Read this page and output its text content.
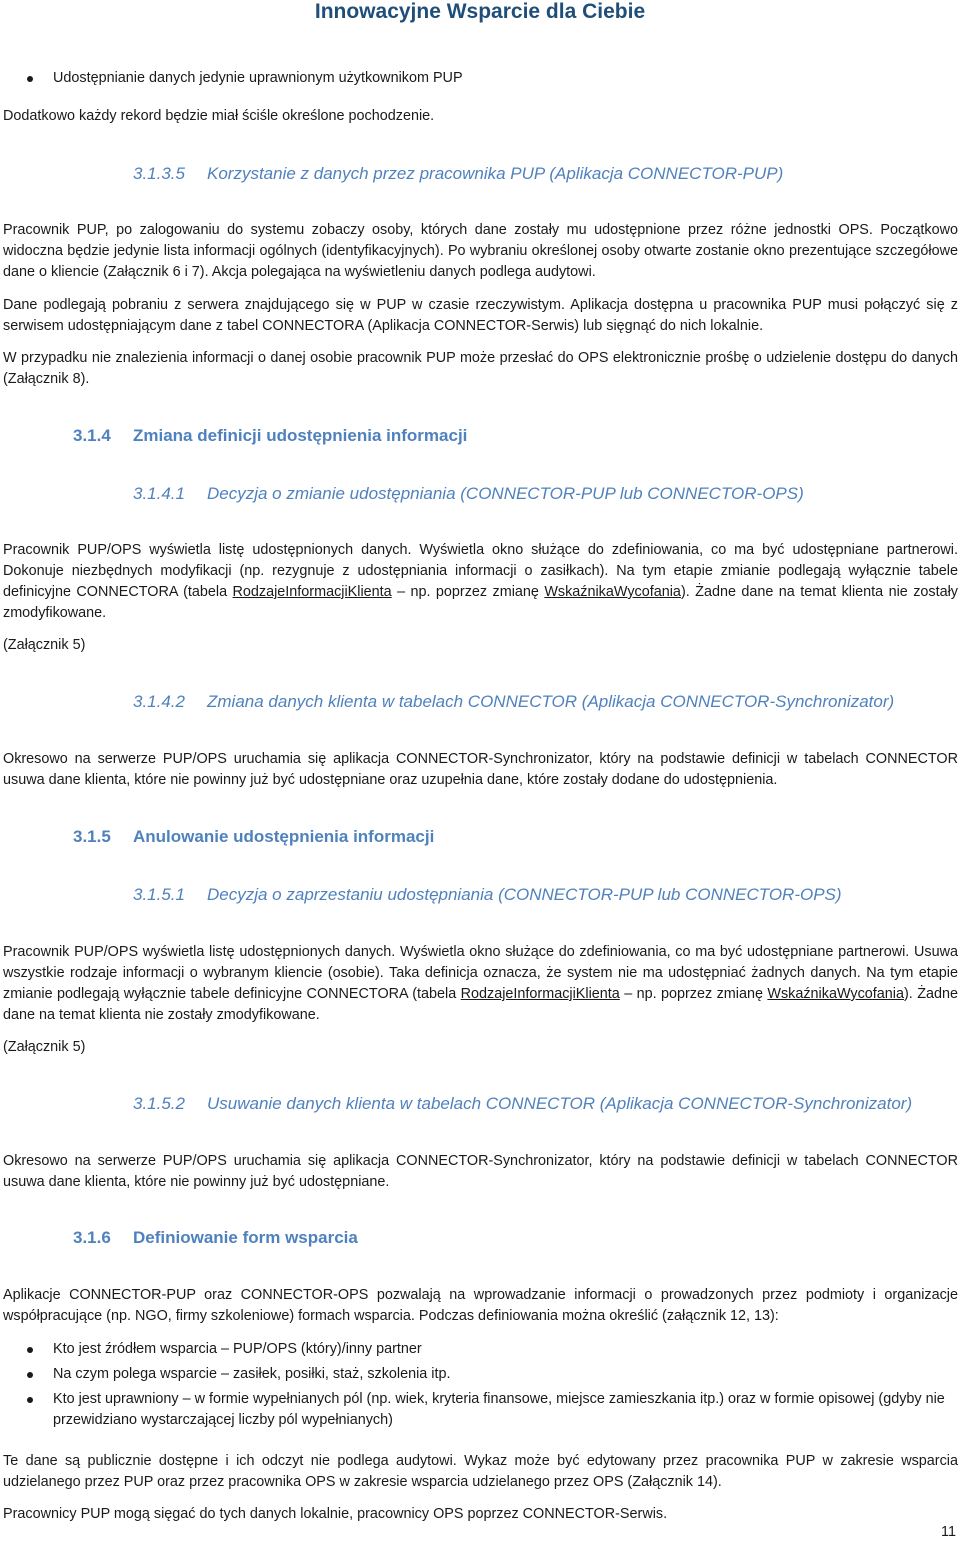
Innowacyjne Wsparcie dla Ciebie
Udostępnianie danych jedynie uprawnionym użytkownikom PUP

Dodatkowo każdy rekord będzie miał ściśle określone pochodzenie.

3.1.3.5 Korzystanie z danych przez pracownika PUP (Aplikacja CONNECTOR-PUP)

Pracownik PUP, po zalogowaniu do systemu zobaczy osoby, których dane zostały mu udostępnione przez różne jednostki OPS. Początkowo widoczna będzie jedynie lista informacji ogólnych (identyfikacyjnych). Po wybraniu określonej osoby otwarte zostanie okno prezentujące szczegółowe dane o kliencie (Załącznik 6 i 7). Akcja polegająca na wyświetleniu danych podlega audytowi.

Dane podlegają pobraniu z serwera znajdującego się w PUP w czasie rzeczywistym. Aplikacja dostępna u pracownika PUP musi połączyć się z serwisem udostępniającym dane z tabel CONNECTORA (Aplikacja CONNECTOR-Serwis) lub sięgnąć do nich lokalnie.

W przypadku nie znalezienia informacji o danej osobie pracownik PUP może przesłać do OPS elektronicznie prośbę o udzielenie dostępu do danych (Załącznik 8).

3.1.4 Zmiana definicji udostępnienia informacji
3.1.4.1 Decyzja o zmianie udostępniania (CONNECTOR-PUP lub CONNECTOR-OPS)

Pracownik PUP/OPS wyświetla listę udostępnionych danych. Wyświetla okno służące do zdefiniowania, co ma być udostępniane partnerowi. Dokonuje niezbędnych modyfikacji (np. rezygnuje z udostępniania informacji o zasiłkach). Na tym etapie zmianie podlegają wyłącznie tabele definicyjne CONNECTORA (tabela RodzajeInformacjiKlienta – np. poprzez zmianę WskaźnikaWycofania). Żadne dane na temat klienta nie zostały zmodyfikowane.

(Załącznik 5)

3.1.4.2 Zmiana danych klienta w tabelach CONNECTOR (Aplikacja CONNECTOR-Synchronizator)

Okresowo na serwerze PUP/OPS uruchamia się aplikacja CONNECTOR-Synchronizator, który na podstawie definicji w tabelach CONNECTOR usuwa dane klienta, które nie powinny już być udostępniane oraz uzupełnia dane, które zostały dodane do udostępnienia.

3.1.5 Anulowanie udostępnienia informacji
3.1.5.1 Decyzja o zaprzestaniu udostępniania (CONNECTOR-PUP lub CONNECTOR-OPS)

Pracownik PUP/OPS wyświetla listę udostępnionych danych. Wyświetla okno służące do zdefiniowania, co ma być udostępniane partnerowi. Usuwa wszystkie rodzaje informacji o wybranym kliencie (osobie). Taka definicja oznacza, że system nie ma udostępniać żadnych danych. Na tym etapie zmianie podlegają wyłącznie tabele definicyjne CONNECTORA (tabela RodzajeInformacjiKlienta – np. poprzez zmianę WskaźnikaWycofania). Żadne dane na temat klienta nie zostały zmodyfikowane.

(Załącznik 5)

3.1.5.2 Usuwanie danych klienta w tabelach CONNECTOR (Aplikacja CONNECTOR-Synchronizator)

Okresowo na serwerze PUP/OPS uruchamia się aplikacja CONNECTOR-Synchronizator, który na podstawie definicji w tabelach CONNECTOR usuwa dane klienta, które nie powinny już być udostępniane.

3.1.6 Definiowanie form wsparcia

Aplikacje CONNECTOR-PUP oraz CONNECTOR-OPS pozwalają na wprowadzanie informacji o prowadzonych przez podmioty i organizacje współpracujące (np. NGO, firmy szkoleniowe) formach wsparcia. Podczas definiowania można określić (załącznik 12, 13):

Kto jest źródłem wsparcia – PUP/OPS (który)/inny partner
Na czym polega wsparcie – zasiłek, posiłki, staż, szkolenia itp.
Kto jest uprawniony – w formie wypełnianych pól (np. wiek, kryteria finansowe, miejsce zamieszkania itp.) oraz w formie opisowej (gdyby nie przewidziano wystarczającej liczby pól wypełnianych)

Te dane są publicznie dostępne i ich odczyt nie podlega audytowi. Wykaz może być edytowany przez pracownika PUP w zakresie wsparcia udzielanego przez PUP oraz przez pracownika OPS w zakresie wsparcia udzielanego przez OPS (Załącznik 14).

Pracownicy PUP mogą sięgać do tych danych lokalnie, pracownicy OPS poprzez CONNECTOR-Serwis.

11
